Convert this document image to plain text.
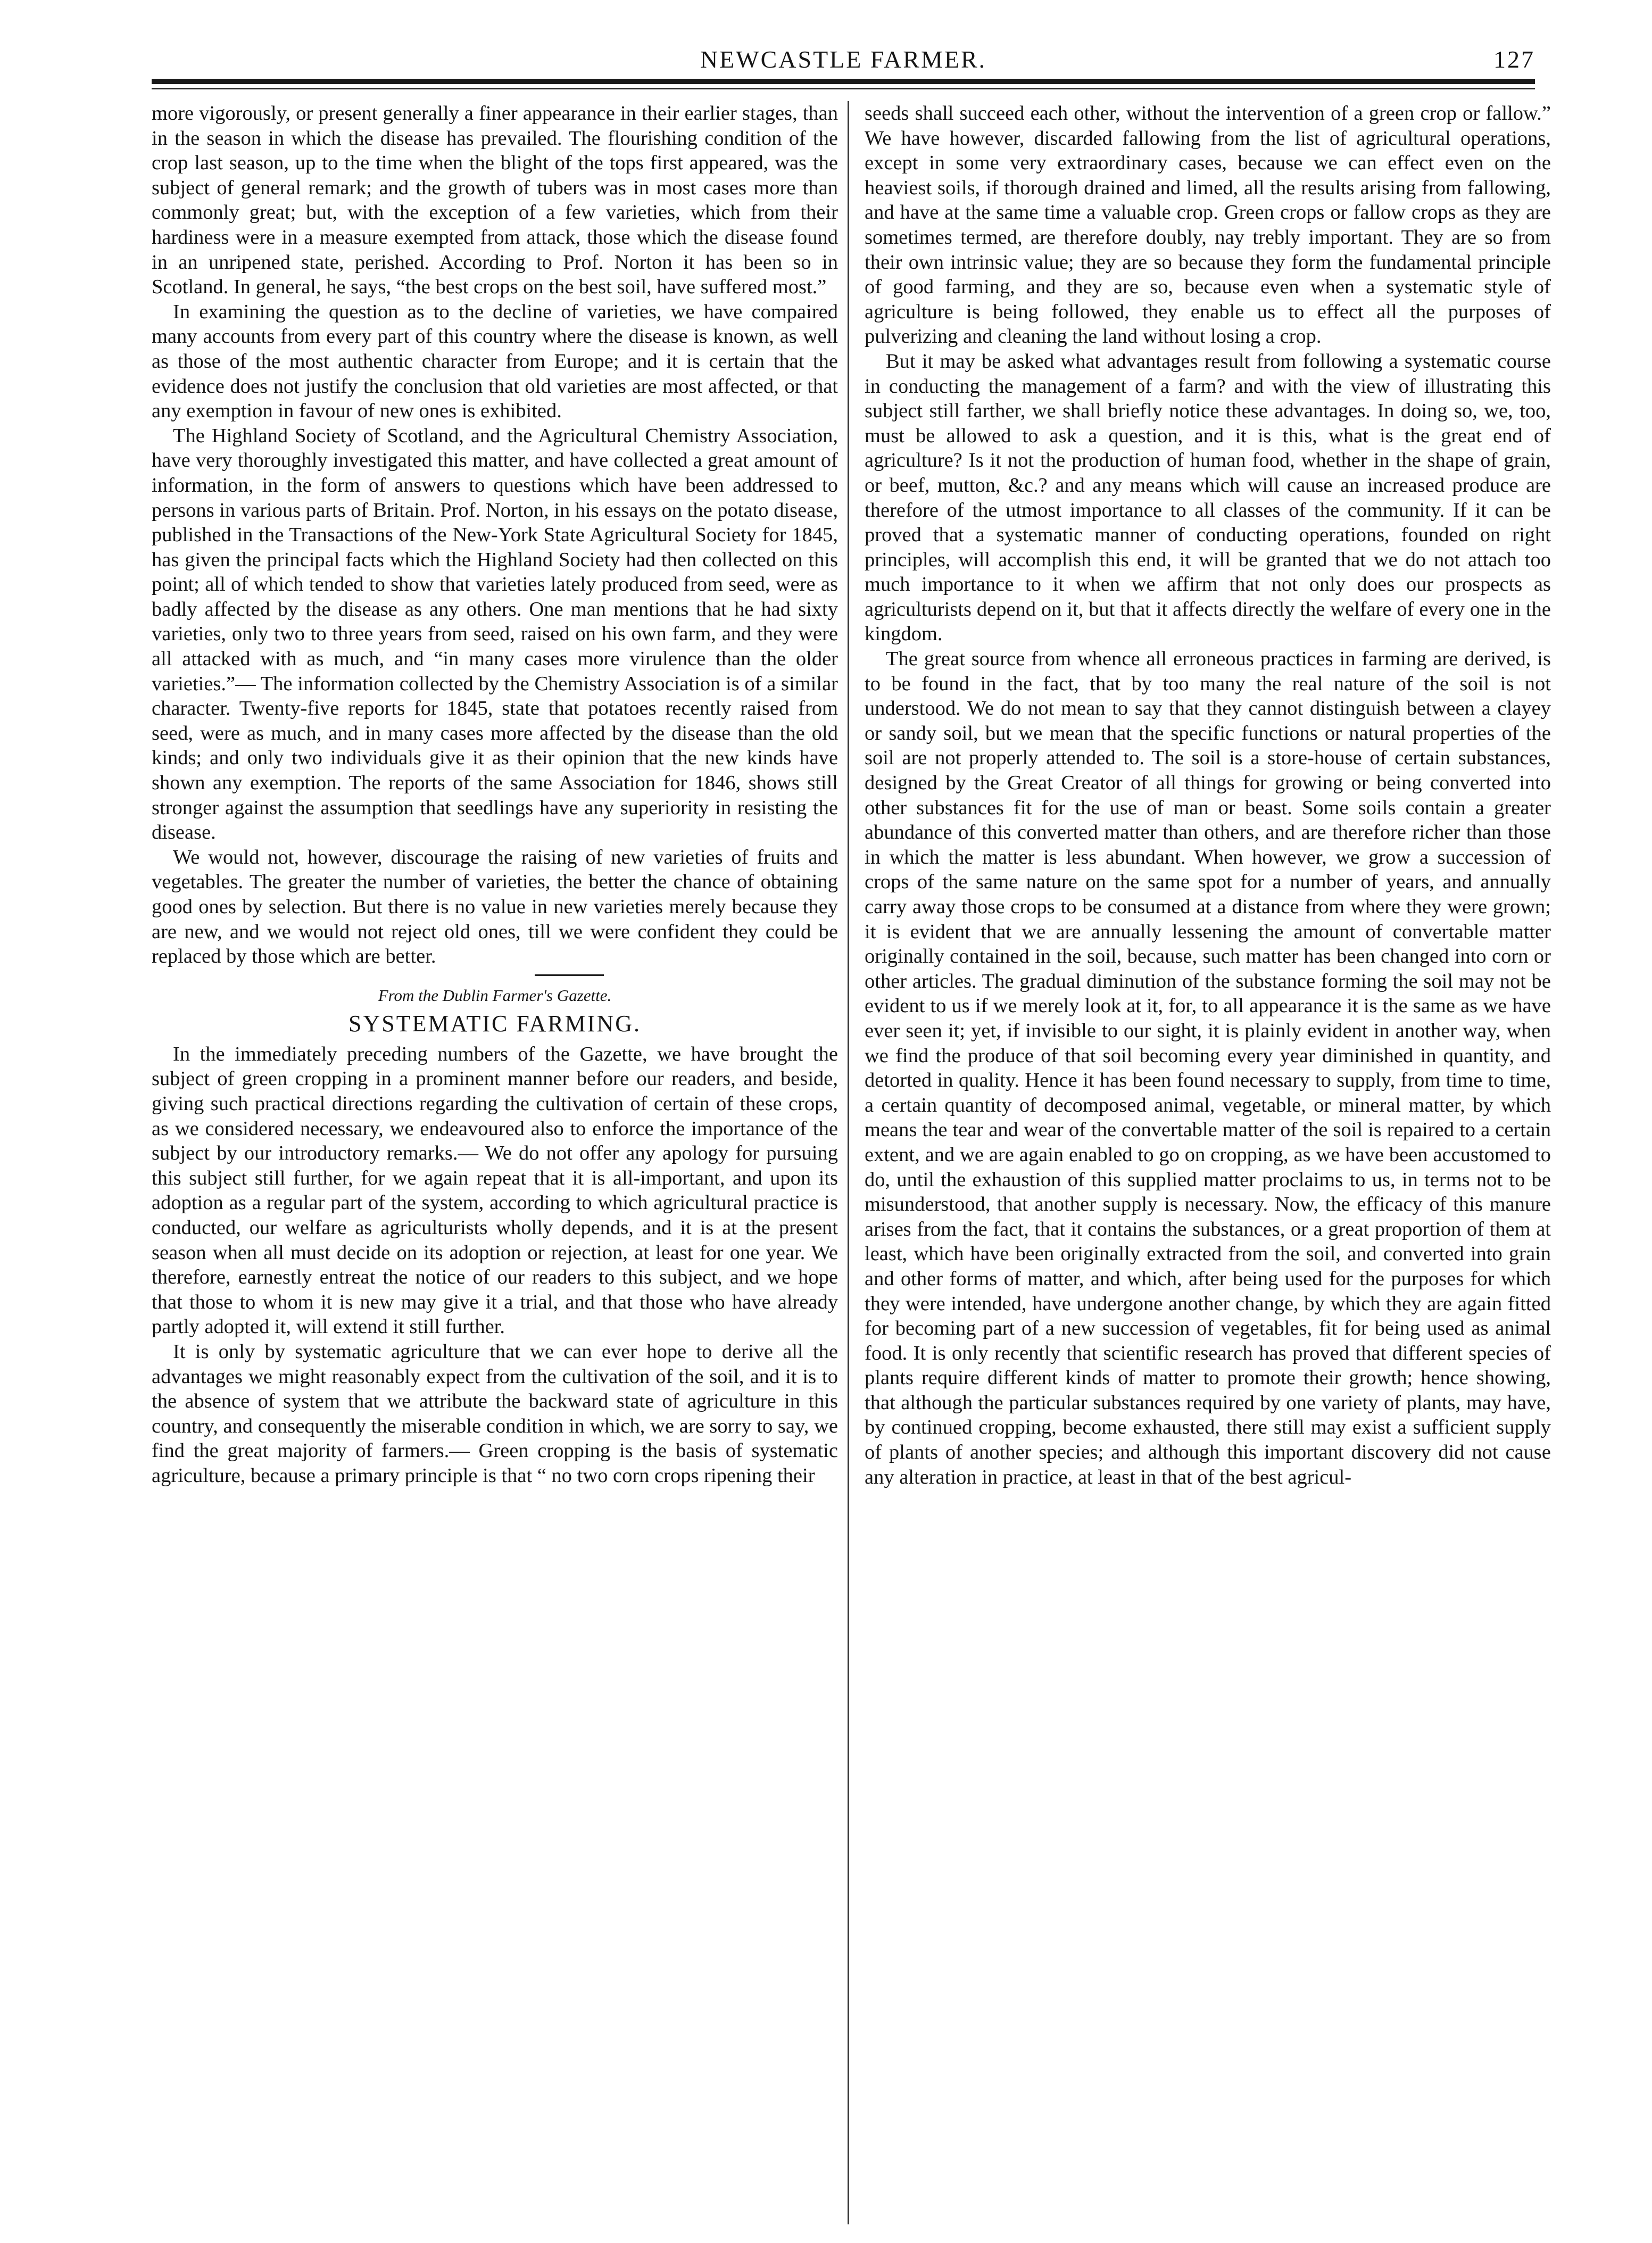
NEWCASTLE FARMER.	127

more vigorously, or present generally a finer appearance in their earlier stages, than in the season in which the disease has prevailed. The flourishing condition of the crop last season, up to the time when the blight of the tops first appeared, was the subject of general remark; and the growth of tubers was in most cases more than commonly great; but, with the exception of a few varieties, which from their hardiness were in a measure exempted from attack, those which the disease found in an unripened state, perished. According to Prof. Norton it has been so in Scotland. In general, he says, “the best crops on the best soil, have suffered most.”

In examining the question as to the decline of varieties, we have compaired many accounts from every part of this country where the disease is known, as well as those of the most authentic character from Europe; and it is certain that the evidence does not justify the conclusion that old varieties are most affected, or that any exemption in favour of new ones is exhibited.

The Highland Society of Scotland, and the Agricultural Chemistry Association, have very thoroughly investigated this matter, and have collected a great amount of information, in the form of answers to questions which have been addressed to persons in various parts of Britain. Prof. Norton, in his essays on the potato disease, published in the Transactions of the New-York State Agricultural Society for 1845, has given the principal facts which the Highland Society had then collected on this point; all of which tended to show that varieties lately produced from seed, were as badly affected by the disease as any others. One man mentions that he had sixty varieties, only two to three years from seed, raised on his own farm, and they were all attacked with as much, and “in many cases more virulence than the older varieties.”— The information collected by the Chemistry Association is of a similar character. Twenty-five reports for 1845, state that potatoes recently raised from seed, were as much, and in many cases more affected by the disease than the old kinds; and only two individuals give it as their opinion that the new kinds have shown any exemption. The reports of the same Association for 1846, shows still stronger against the assumption that seedlings have any superiority in resisting the disease.

We would not, however, discourage the raising of new varieties of fruits and vegetables. The greater the number of varieties, the better the chance of obtaining good ones by selection. But there is no value in new varieties merely because they are new, and we would not reject old ones, till we were confident they could be replaced by those which are better.

From the Dublin Farmer's Gazette.
SYSTEMATIC FARMING.

In the immediately preceding numbers of the Gazette, we have brought the subject of green cropping in a prominent manner before our readers, and beside, giving such practical directions regarding the cultivation of certain of these crops, as we considered necessary, we endeavoured also to enforce the importance of the subject by our introductory remarks.— We do not offer any apology for pursuing this subject still further, for we again repeat that it is all-important, and upon its adoption as a regular part of the system, according to which agricultural practice is conducted, our welfare as agriculturists wholly depends, and it is at the present season when all must decide on its adoption or rejection, at least for one year. We therefore, earnestly entreat the notice of our readers to this subject, and we hope that those to whom it is new may give it a trial, and that those who have already partly adopted it, will extend it still further.

It is only by systematic agriculture that we can ever hope to derive all the advantages we might reasonably expect from the cultivation of the soil, and it is to the absence of system that we attribute the backward state of agriculture in this country, and consequently the miserable condition in which, we are sorry to say, we find the great majority of farmers.— Green cropping is the basis of systematic agriculture, because a primary principle is that “ no two corn crops ripening their

seeds shall succeed each other, without the intervention of a green crop or fallow.” We have however, discarded fallowing from the list of agricultural operations, except in some very extraordinary cases, because we can effect even on the heaviest soils, if thorough drained and limed, all the results arising from fallowing, and have at the same time a valuable crop. Green crops or fallow crops as they are sometimes termed, are therefore doubly, nay trebly important. They are so from their own intrinsic value; they are so because they form the fundamental principle of good farming, and they are so, because even when a systematic style of agriculture is being followed, they enable us to effect all the purposes of pulverizing and cleaning the land without losing a crop.

But it may be asked what advantages result from following a systematic course in conducting the management of a farm? and with the view of illustrating this subject still farther, we shall briefly notice these advantages. In doing so, we, too, must be allowed to ask a question, and it is this, what is the great end of agriculture? Is it not the production of human food, whether in the shape of grain, or beef, mutton, &c.? and any means which will cause an increased produce are therefore of the utmost importance to all classes of the community. If it can be proved that a systematic manner of conducting operations, founded on right principles, will accomplish this end, it will be granted that we do not attach too much importance to it when we affirm that not only does our prospects as agriculturists depend on it, but that it affects directly the welfare of every one in the kingdom.

The great source from whence all erroneous practices in farming are derived, is to be found in the fact, that by too many the real nature of the soil is not understood. We do not mean to say that they cannot distinguish between a clayey or sandy soil, but we mean that the specific functions or natural properties of the soil are not properly attended to. The soil is a store-house of certain substances, designed by the Great Creator of all things for growing or being converted into other substances fit for the use of man or beast. Some soils contain a greater abundance of this converted matter than others, and are therefore richer than those in which the matter is less abundant. When however, we grow a succession of crops of the same nature on the same spot for a number of years, and annually carry away those crops to be consumed at a distance from where they were grown; it is evident that we are annually lessening the amount of convertable matter originally contained in the soil, because, such matter has been changed into corn or other articles. The gradual diminution of the substance forming the soil may not be evident to us if we merely look at it, for, to all appearance it is the same as we have ever seen it; yet, if invisible to our sight, it is plainly evident in another way, when we find the produce of that soil becoming every year diminished in quantity, and detorted in quality. Hence it has been found necessary to supply, from time to time, a certain quantity of decomposed animal, vegetable, or mineral matter, by which means the tear and wear of the convertable matter of the soil is repaired to a certain extent, and we are again enabled to go on cropping, as we have been accustomed to do, until the exhaustion of this supplied matter proclaims to us, in terms not to be misunderstood, that another supply is necessary. Now, the efficacy of this manure arises from the fact, that it contains the substances, or a great proportion of them at least, which have been originally extracted from the soil, and converted into grain and other forms of matter, and which, after being used for the purposes for which they were intended, have undergone another change, by which they are again fitted for becoming part of a new succession of vegetables, fit for being used as animal food. It is only recently that scientific research has proved that different species of plants require different kinds of matter to promote their growth; hence showing, that although the particular substances required by one variety of plants, may have, by continued cropping, become exhausted, there still may exist a sufficient supply of plants of another species; and although this important discovery did not cause any alteration in practice, at least in that of the best agricul-
